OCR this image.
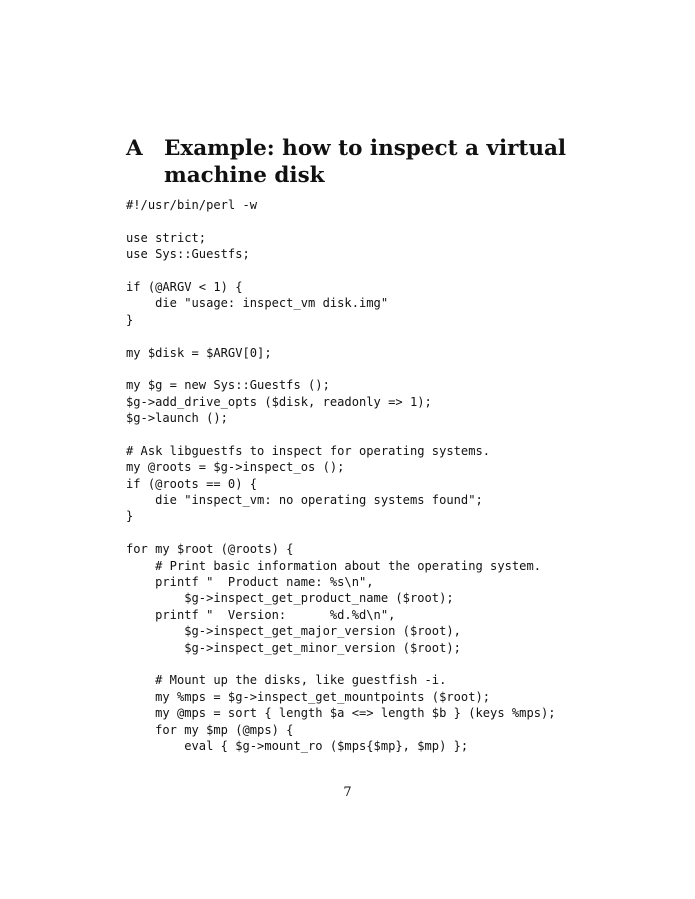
A Example: how to inspect a virtual machine disk
#!/usr/bin/perl -w
use strict;
use Sys::Guestfs;
if (@ARGV < 1) {
die "usage: inspect_vm disk.img"
}
my $disk = $ARGV[0];
my $g = new Sys::Guestfs ();
$g->add_drive_opts ($disk, readonly => 1);
$g->launch ();
# Ask libguestfs to inspect for operating systems.
my @roots = $g->inspect_os ();
if (@roots == 0) {
die "inspect_vm: no operating systems found";
}
for my $root (@roots) {
# Print basic information about the operating system.
printf "  Product name: %s\n",
$g->inspect_get_product_name ($root);
printf "  Version:      %d.%d\n",
$g->inspect_get_major_version ($root),
$g->inspect_get_minor_version ($root);
# Mount up the disks, like guestfish -i.
my %mps = $g->inspect_get_mountpoints ($root);
my @mps = sort { length $a <=> length $b } (keys %mps);
for my $mp (@mps) {
eval { $g->mount_ro ($mps{$mp}, $mp) };
7
